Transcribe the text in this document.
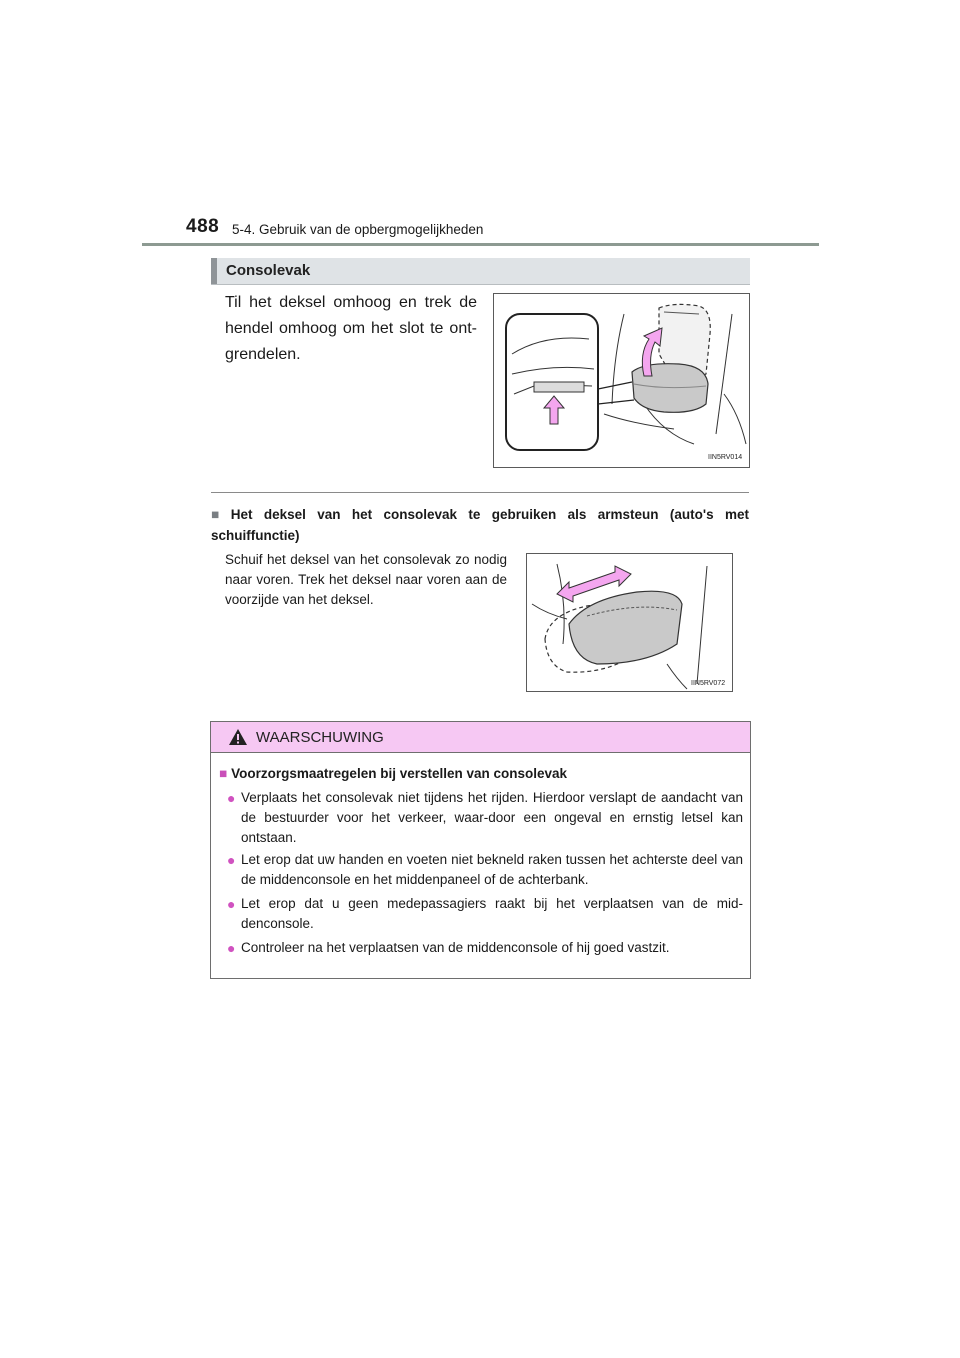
488 5-4. Gebruik van de opbergmogelijkheden
Consolevak
Til het deksel omhoog en trek de hendel omhoog om het slot te ont-grendelen.
IIN5RV014
■ Het deksel van het consolevak te gebruiken als armsteun (auto's met schuiffunctie)
Schuif het deksel van het consolevak zo nodig naar voren. Trek het deksel naar voren aan de voorzijde van het deksel.
IIN5RV072
WAARSCHUWING
■ Voorzorgsmaatregelen bij verstellen van consolevak
● Verplaats het consolevak niet tijdens het rijden. Hierdoor verslapt de aandacht van de bestuurder voor het verkeer, waar-door een ongeval en ernstig letsel kan ontstaan.
● Let erop dat uw handen en voeten niet bekneld raken tussen het achterste deel van de middenconsole en het middenpaneel of de achterbank.
● Let erop dat u geen medepassagiers raakt bij het verplaatsen van de mid-denconsole.
● Controleer na het verplaatsen van de middenconsole of hij goed vastzit.
